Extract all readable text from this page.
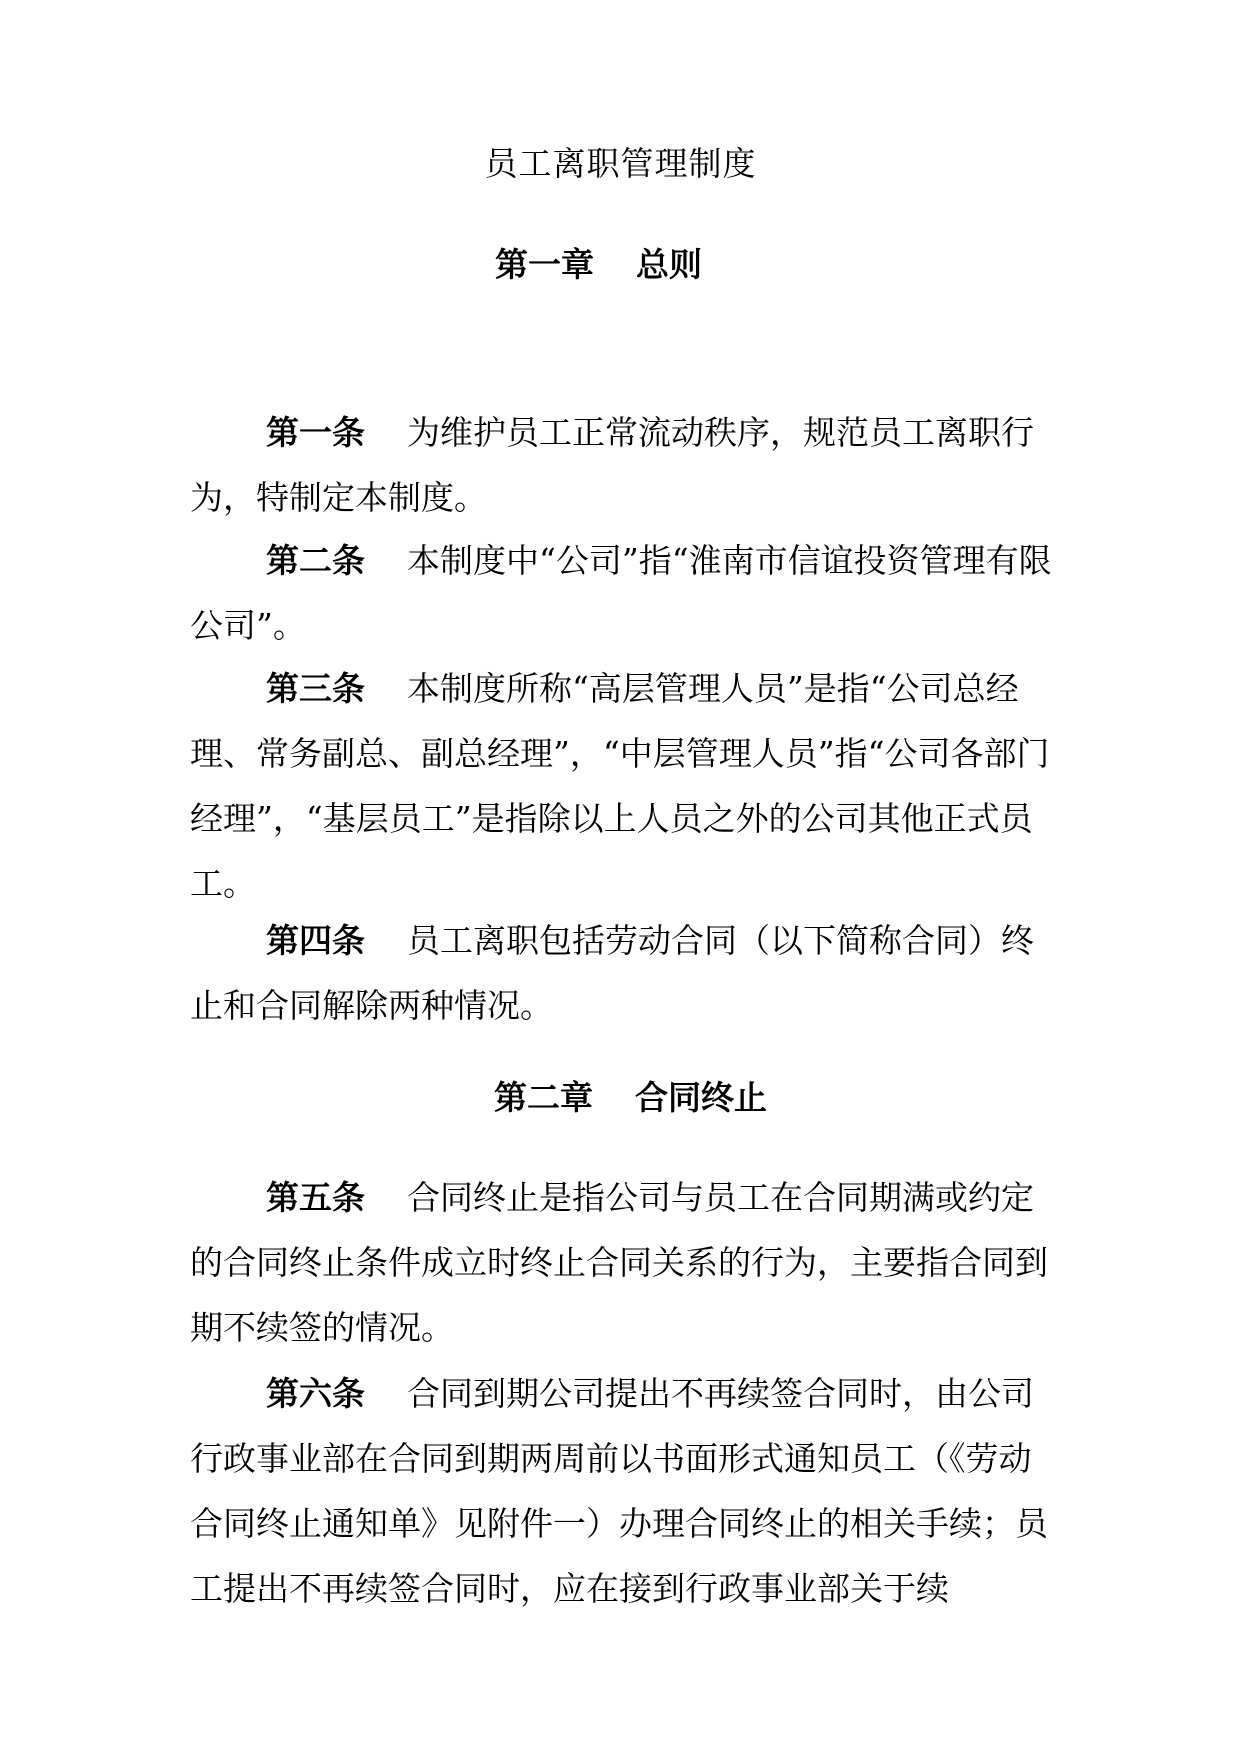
员工离职管理制度
第一章 总则
第一条 为维护员工正常流动秩序，规范员工离职行为，特制定本制度。
第二条 本制度中“公司”指“淮南市信谊投资管理有限公司”。
第三条 本制度所称“高层管理人员”是指“公司总经理、常务副总、副总经理”，“中层管理人员”指“公司各部门经理”，“基层员工”是指除以上人员之外的公司其他正式员工。
第四条 员工离职包括劳动合同（以下简称合同）终止和合同解除两种情况。
第二章 合同终止
第五条 合同终止是指公司与员工在合同期满或约定的合同终止条件成立时终止合同关系的行为，主要指合同到期不续签的情况。
第六条 合同到期公司提出不再续签合同时，由公司行政事业部在合同到期两周前以书面形式通知员工（《劳动合同终止通知单》见附件一）办理合同终止的相关手续；员工提出不再续签合同时，应在接到行政事业部关于续
